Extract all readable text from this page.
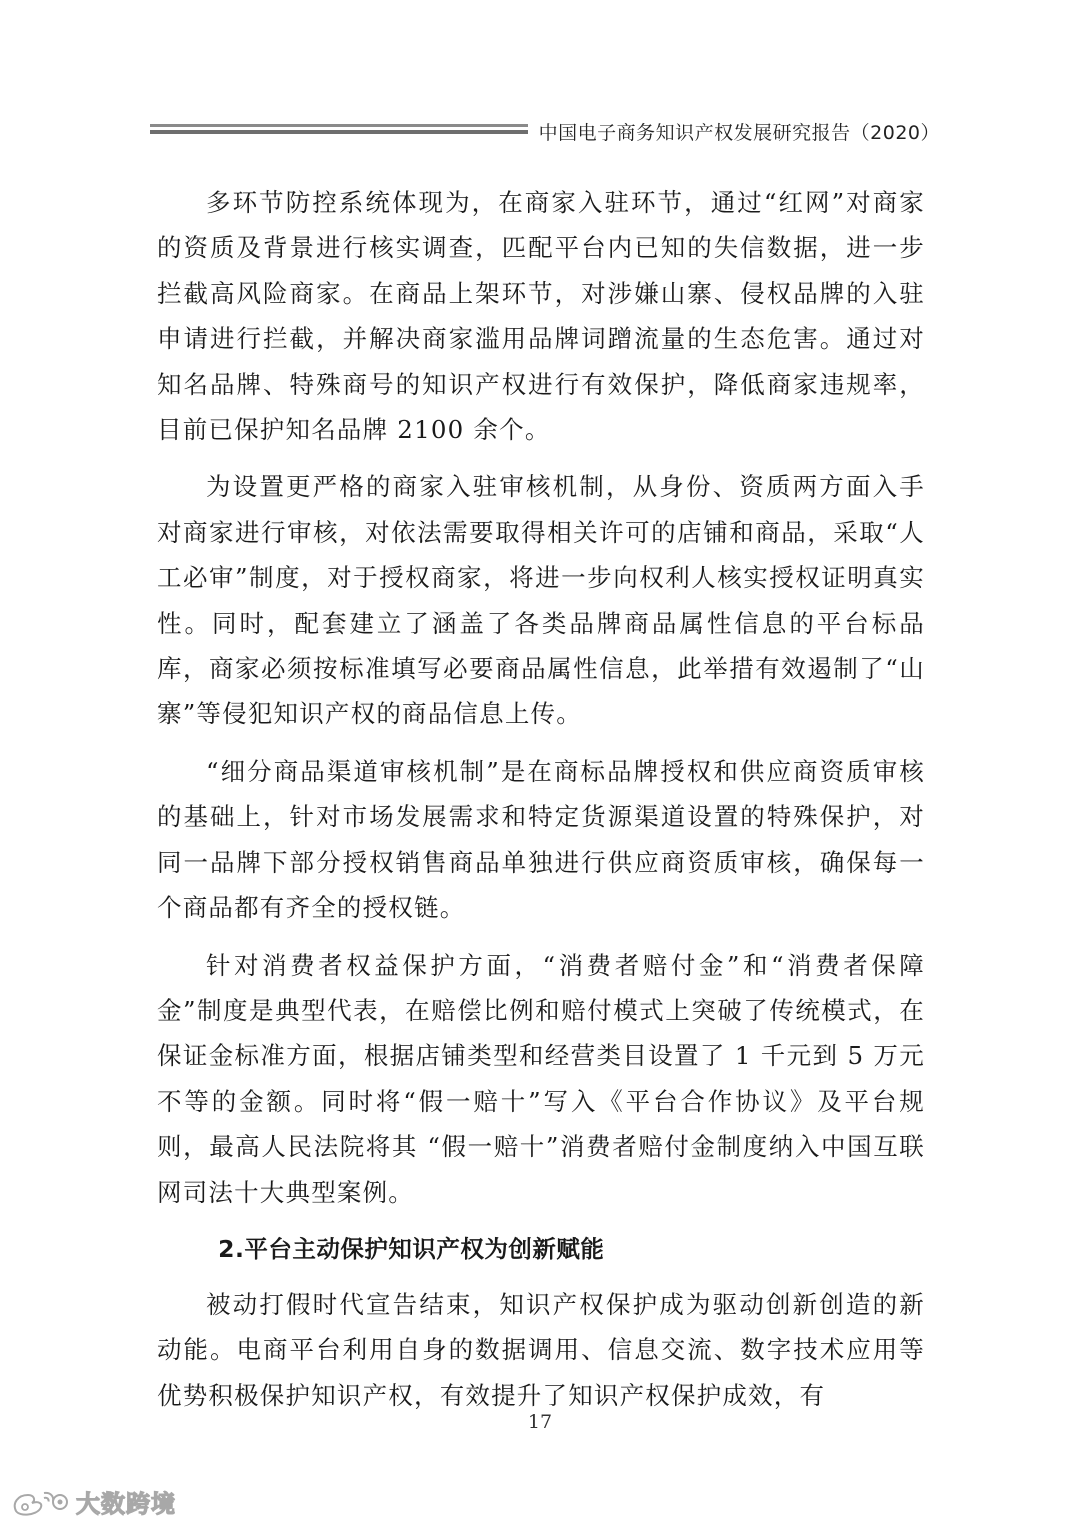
中国电子商务知识产权发展研究报告（2020）

多环节防控系统体现为，在商家入驻环节，通过“红网”对商家的资质及背景进行核实调查，匹配平台内已知的失信数据，进一步拦截高风险商家。在商品上架环节，对涉嫌山寨、侵权品牌的入驻申请进行拦截，并解决商家滥用品牌词蹭流量的生态危害。通过对知名品牌、特殊商号的知识产权进行有效保护，降低商家违规率，目前已保护知名品牌 2100 余个。

为设置更严格的商家入驻审核机制，从身份、资质两方面入手对商家进行审核，对依法需要取得相关许可的店铺和商品，采取“人工必审”制度，对于授权商家，将进一步向权利人核实授权证明真实性。同时，配套建立了涵盖了各类品牌商品属性信息的平台标品库，商家必须按标准填写必要商品属性信息，此举措有效遏制了“山寨”等侵犯知识产权的商品信息上传。

“细分商品渠道审核机制”是在商标品牌授权和供应商资质审核的基础上，针对市场发展需求和特定货源渠道设置的特殊保护，对同一品牌下部分授权销售商品单独进行供应商资质审核，确保每一个商品都有齐全的授权链。

针对消费者权益保护方面，“消费者赔付金”和“消费者保障金”制度是典型代表，在赔偿比例和赔付模式上突破了传统模式，在保证金标准方面，根据店铺类型和经营类目设置了 1 千元到 5 万元不等的金额。同时将“假一赔十”写入《平台合作协议》及平台规则，最高人民法院将其 “假一赔十”消费者赔付金制度纳入中国互联网司法十大典型案例。

2.平台主动保护知识产权为创新赋能

被动打假时代宣告结束，知识产权保护成为驱动创新创造的新动能。电商平台利用自身的数据调用、信息交流、数字技术应用等优势积极保护知识产权，有效提升了知识产权保护成效，有

17
大数跨境
